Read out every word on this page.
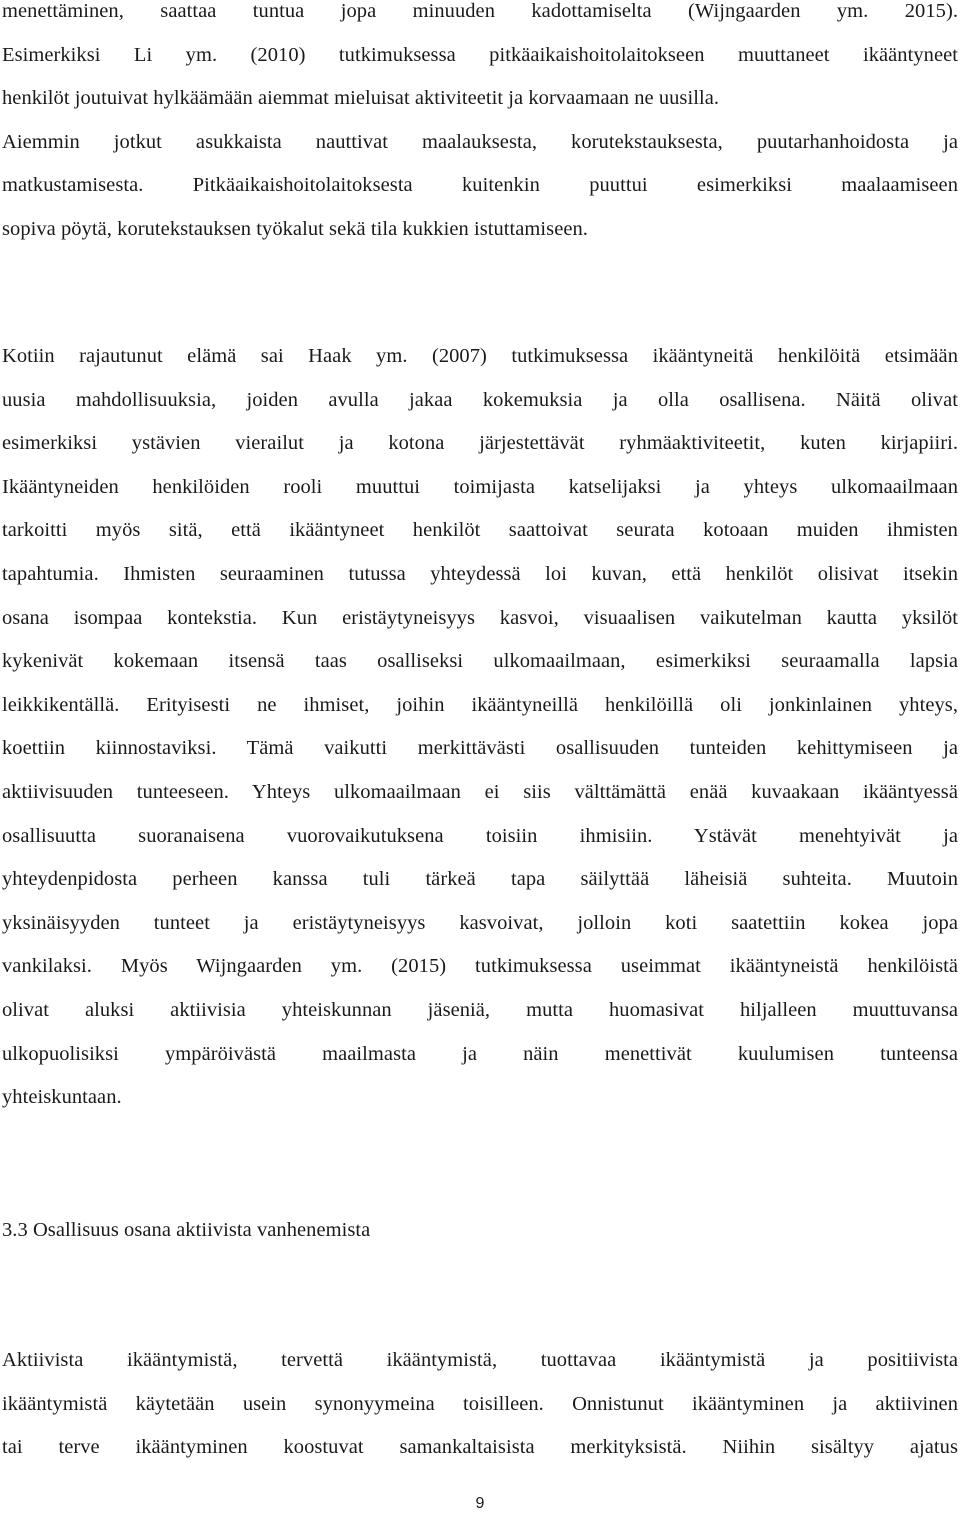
menettäminen, saattaa tuntua jopa minuuden kadottamiselta (Wijngaarden ym. 2015).
Esimerkiksi Li ym. (2010) tutkimuksessa pitkäaikaishoitolaitokseen muuttaneet ikääntyneet
henkilöt joutuivat hylkäämään aiemmat mieluisat aktiviteetit ja korvaamaan ne uusilla.
Aiemmin jotkut asukkaista nauttivat maalauksesta, korutekstauksesta, puutarhanhoidosta ja
matkustamisesta. Pitkäaikaishoitolaitoksesta kuitenkin puuttui esimerkiksi maalaamiseen
sopiva pöytä, korutekstauksen työkalut sekä tila kukkien istuttamiseen.
Kotiin rajautunut elämä sai Haak ym. (2007) tutkimuksessa ikääntyneitä henkilöitä etsimään
uusia mahdollisuuksia, joiden avulla jakaa kokemuksia ja olla osallisena. Näitä olivat
esimerkiksi ystävien vierailut ja kotona järjestettävät ryhmäaktiviteetit, kuten kirjapiiri.
Ikääntyneiden henkilöiden rooli muuttui toimijasta katselijaksi ja yhteys ulkomaailmaan
tarkoitti myös sitä, että ikääntyneet henkilöt saattoivat seurata kotoaan muiden ihmisten
tapahtumia. Ihmisten seuraaminen tutussa yhteydessä loi kuvan, että henkilöt olisivat itsekin
osana isompaa kontekstia. Kun eristäytyneisyys kasvoi, visuaalisen vaikutelman kautta yksilöt
kykenivät kokemaan itsensä taas osalliseksi ulkomaailmaan, esimerkiksi seuraamalla lapsia
leikkikentällä. Erityisesti ne ihmiset, joihin ikääntyneillä henkilöillä oli jonkinlainen yhteys,
koettiin kiinnostaviksi. Tämä vaikutti merkittävästi osallisuuden tunteiden kehittymiseen ja
aktiivisuuden tunteeseen. Yhteys ulkomaailmaan ei siis välttämättä enää kuvaakaan ikääntyessä
osallisuutta suoranaisena vuorovaikutuksena toisiin ihmisiin. Ystävät menehtyivät ja
yhteydenpidosta perheen kanssa tuli tärkeä tapa säilyttää läheisiä suhteita. Muutoin
yksinäisyyden tunteet ja eristäytyneisyys kasvoivat, jolloin koti saatettiin kokea jopa
vankilaksi. Myös Wijngaarden ym. (2015) tutkimuksessa useimmat ikääntyneistä henkilöistä
olivat aluksi aktiivisia yhteiskunnan jäseniä, mutta huomasivat hiljalleen muuttuvansa
ulkopuolisiksi ympäröivästä maailmasta ja näin menettivät kuulumisen tunteensa
yhteiskuntaan.
3.3 Osallisuus osana aktiivista vanhenemista
Aktiivista ikääntymistä, tervettä ikääntymistä, tuottavaa ikääntymistä ja positiivista
ikääntymistä käytetään usein synonyymeina toisilleen. Onnistunut ikääntyminen ja aktiivinen
tai terve ikääntyminen koostuvat samankaltaisista merkityksistä. Niihin sisältyy ajatus
9
